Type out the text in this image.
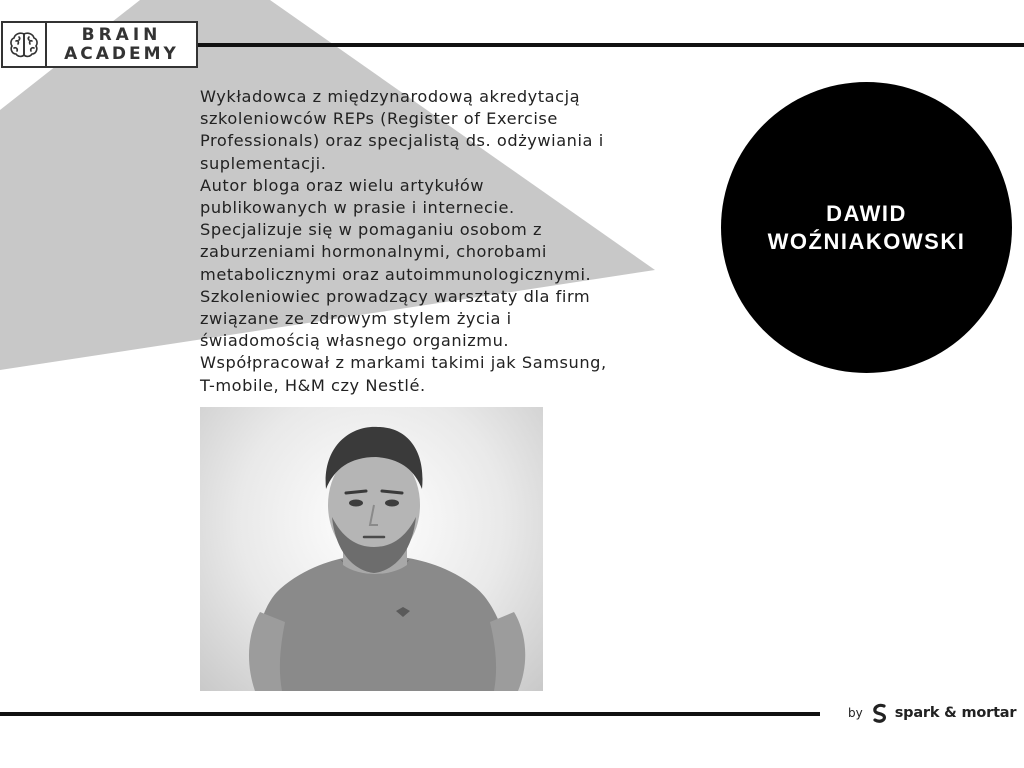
BRAIN
ACADEMY

Wykładowca z międzynarodową akredytacją
szkoleniowców REPs (Register of Exercise
Professionals) oraz specjalistą ds. odżywiania i
suplementacji.
Autor bloga oraz wielu artykułów
publikowanych w prasie i internecie.
Specjalizuje się w pomaganiu osobom z
zaburzeniami hormonalnymi, chorobami
metabolicznymi oraz autoimmunologicznymi.
Szkoleniowiec prowadzący warsztaty dla firm
związane ze zdrowym stylem życia i
świadomością własnego organizmu.
Współpracował z markami takimi jak Samsung,
T-mobile, H&M czy Nestlé.

DAWID
WOŹNIAKOWSKI
by spark & mortar
